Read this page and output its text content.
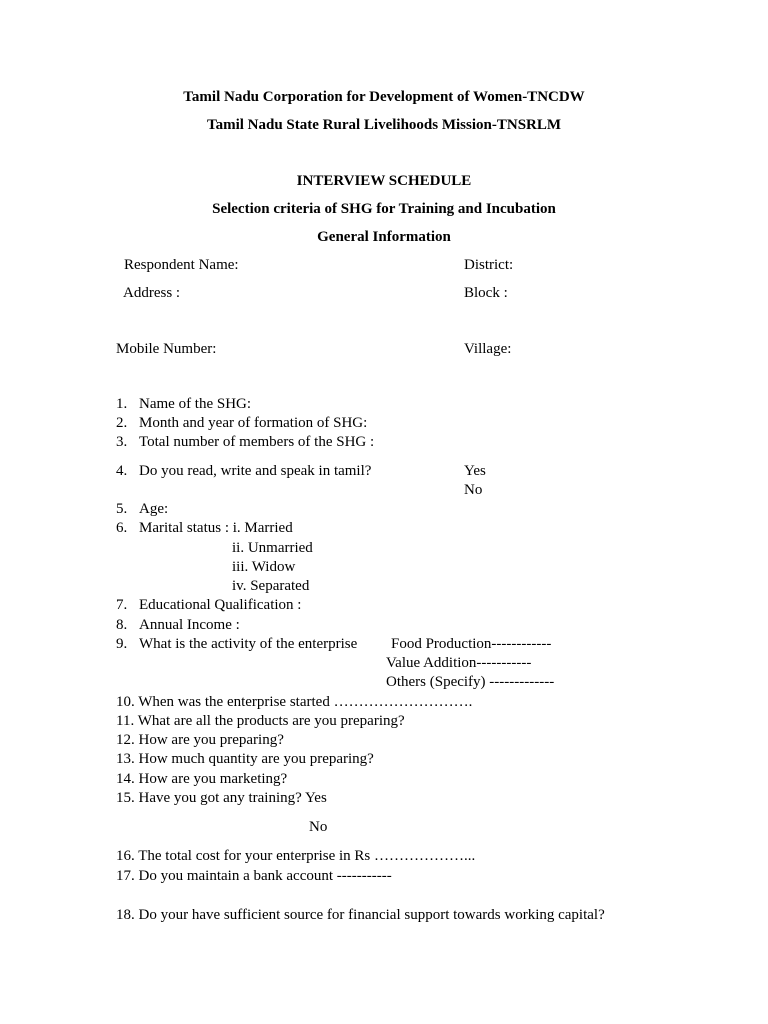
Tamil Nadu Corporation for Development of Women-TNCDW
Tamil Nadu State Rural Livelihoods Mission-TNSRLM
INTERVIEW SCHEDULE
Selection criteria of SHG for Training and Incubation
General Information
Respondent Name:	District:
Address :	Block :
Mobile Number:	Village:
1. Name of the SHG:
2. Month and year of formation of SHG:
3. Total number of members of the SHG :
4. Do you read, write and speak in tamil?	Yes
No
5. Age:
6. Marital status : i. Married
ii. Unmarried
iii. Widow
iv. Separated
7. Educational Qualification :
8. Annual Income :
9. What is the activity of the enterprise Food Production------------
Value Addition-----------
Others (Specify) -------------
10. When was the enterprise started ……………………….
11. What are all the products are you preparing?
12. How are you preparing?
13. How much quantity are you preparing?
14. How are you marketing?
15. Have you got any training? Yes
No
16. The total cost for your enterprise in Rs ………………...
17. Do you maintain a bank account -----------
18. Do your have sufficient source for financial support towards working capital?
